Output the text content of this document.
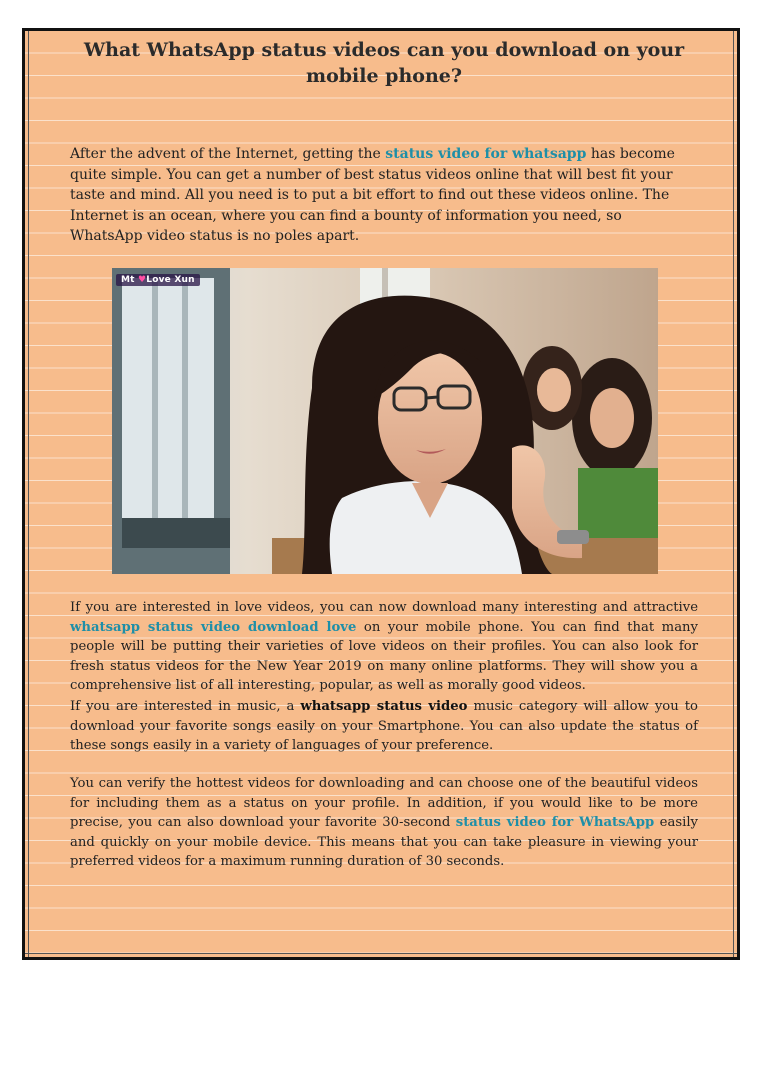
What WhatsApp status videos can you download on your mobile phone?

After the advent of the Internet, getting the status video for whatsapp has become quite simple. You can get a number of best status videos online that will best fit your taste and mind. All you need is to put a bit effort to find out these videos online. The Internet is an ocean, where you can find a bounty of information you need, so WhatsApp video status is no poles apart.

Mt ♥Love Xun

If you are interested in love videos, you can now download many interesting and attractive whatsapp status video download love on your mobile phone. You can find that many people will be putting their varieties of love videos on their profiles. You can also look for fresh status videos for the New Year 2019 on many online platforms. They will show you a comprehensive list of all interesting, popular, as well as morally good videos.

If you are interested in music, a whatsapp status video music category will allow you to download your favorite songs easily on your Smartphone. You can also update the status of these songs easily in a variety of languages of your preference.

You can verify the hottest videos for downloading and can choose one of the beautiful videos for including them as a status on your profile. In addition, if you would like to be more precise, you can also download your favorite 30-second status video for WhatsApp easily and quickly on your mobile device. This means that you can take pleasure in viewing your preferred videos for a maximum running duration of 30 seconds.
